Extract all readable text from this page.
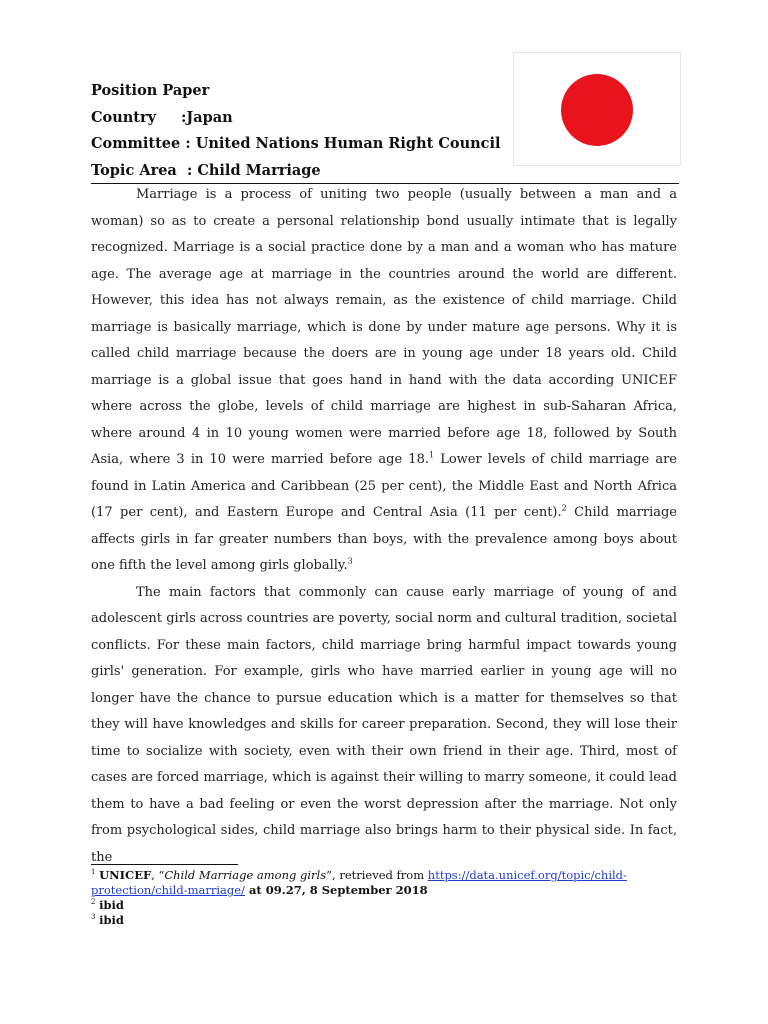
Position Paper
Country	: Japan
Committee : United Nations Human Right Council
Topic Area : Child Marriage

Marriage is a process of uniting two people (usually between a man and a woman) so as to create a personal relationship bond usually intimate that is legally recognized. Marriage is a social practice done by a man and a woman who has mature age. The average age at marriage in the countries around the world are different. However, this idea has not always remain, as the existence of child marriage. Child marriage is basically marriage, which is done by under mature age persons. Why it is called child marriage because the doers are in young age under 18 years old. Child marriage is a global issue that goes hand in hand with the data according UNICEF where across the globe, levels of child marriage are highest in sub-Saharan Africa, where around 4 in 10 young women were married before age 18, followed by South Asia, where 3 in 10 were married before age 18.$^1$ Lower levels of child marriage are found in Latin America and Caribbean (25 per cent), the Middle East and North Africa (17 per cent), and Eastern Europe and Central Asia (11 per cent).$^2$ Child marriage affects girls in far greater numbers than boys, with the prevalence among boys about one fifth the level among girls globally.$^3$

The main factors that commonly can cause early marriage of young of and adolescent girls across countries are poverty, social norm and cultural tradition, societal conflicts. For these main factors, child marriage bring harmful impact towards young girls' generation. For example, girls who have married earlier in young age will no longer have the chance to pursue education which is a matter for themselves so that they will have knowledges and skills for career preparation. Second, they will lose their time to socialize with society, even with their own friend in their age. Third, most of cases are forced marriage, which is against their willing to marry someone, it could lead them to have a bad feeling or even the worst depression after the marriage. Not only from psychological sides, child marriage also brings harm to their physical side. In fact, the

$^1$ UNICEF, “Child Marriage among girls”, retrieved from https://data.unicef.org/topic/child-protection/child-marriage/ at 09.27, 8 September 2018

$^2$ ibid

$^3$ ibid
